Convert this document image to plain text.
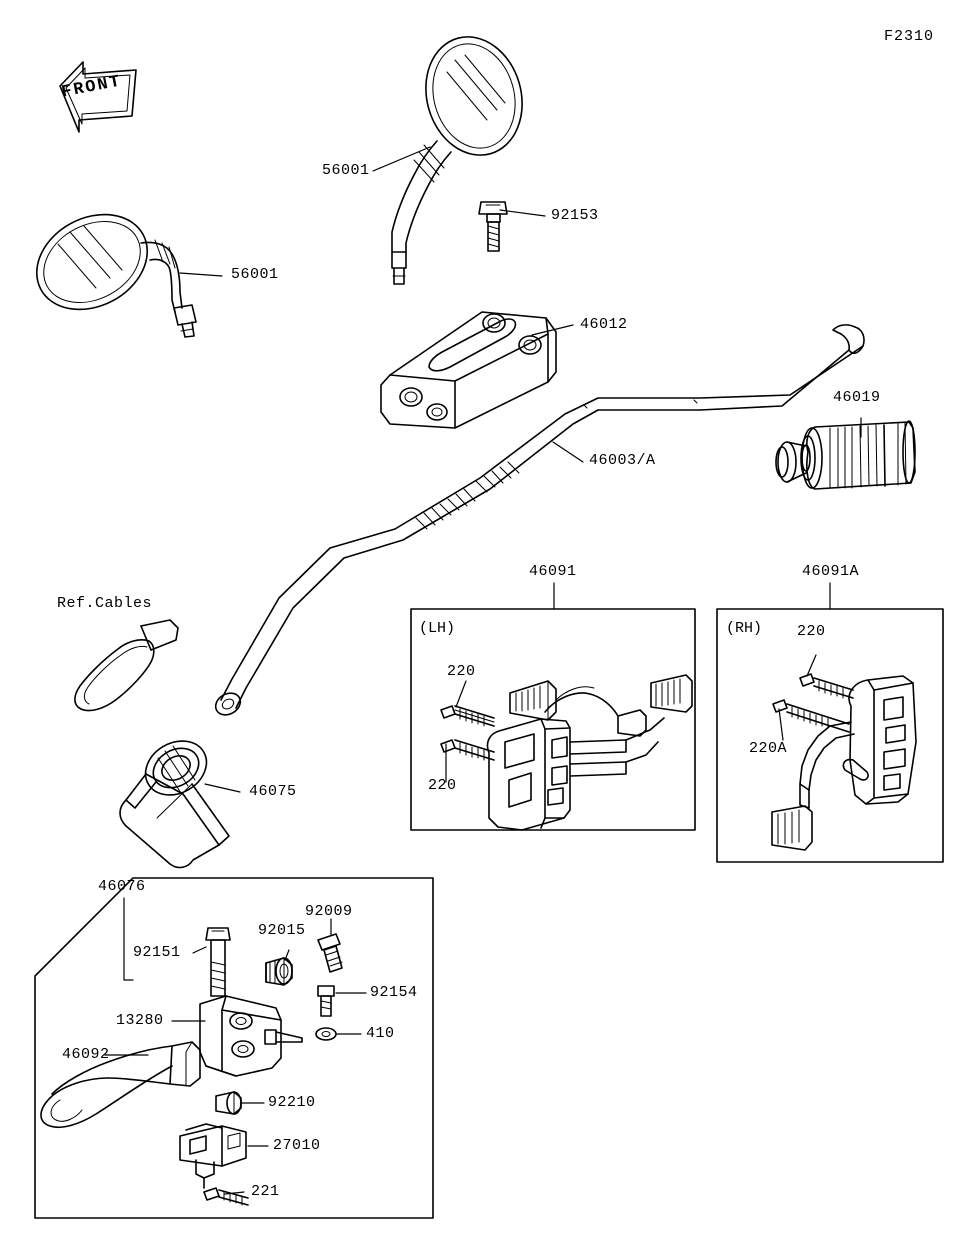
F2310
FRONT
56001
56001
92153
46012
46003/A
46019
46075
46091	46091A
(LH)	(RH)
220
220
220
220A
46076
92151
92015
92009
92154
410
13280
46092
92210
27010
221
Ref.Cables
